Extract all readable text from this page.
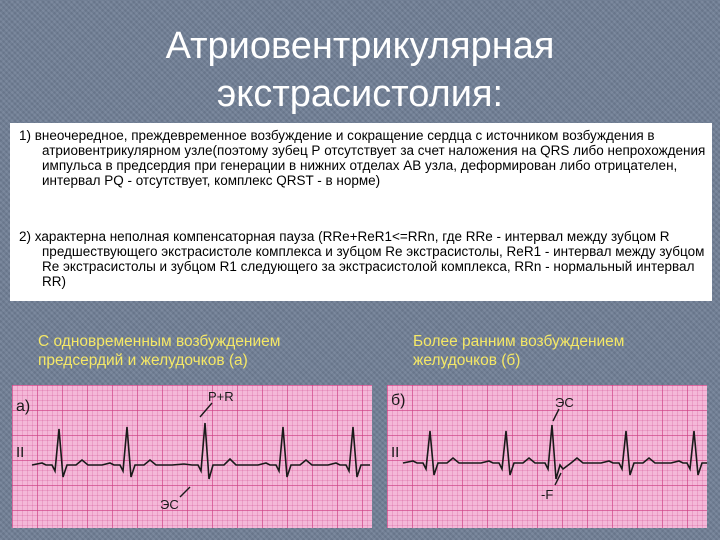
Атриовентрикулярная
экстрасистолия:
1) внеочередное, преждевременное возбуждение и сокращение сердца с источником возбуждения в атриовентрикулярном узле(поэтому зубец Р отсутствует за счет наложения на QRS либо непрохождения импульса в предсердия при генерации в нижних отделах АВ узла, деформирован либо отрицателен, интервал PQ - отсутствует, комплекс QRST - в норме)
2) характерна неполная компенсаторная пауза (RRe+ReR1<=RRn, где RRe - интервал между зубцом R предшествующего экстрасистоле комплекса и зубцом Re экстрасистолы, ReR1 - интервал между зубцом Re экстрасистолы и зубцом R1 следующего за экстрасистолой комплекса, RRn - нормальный интервал RR)
С одновременным возбуждением предсердий и желудочков (а)
Более ранним возбуждением желудочков (б)
а)
II
P+R
ЭС
б)
II
ЭС
-F
